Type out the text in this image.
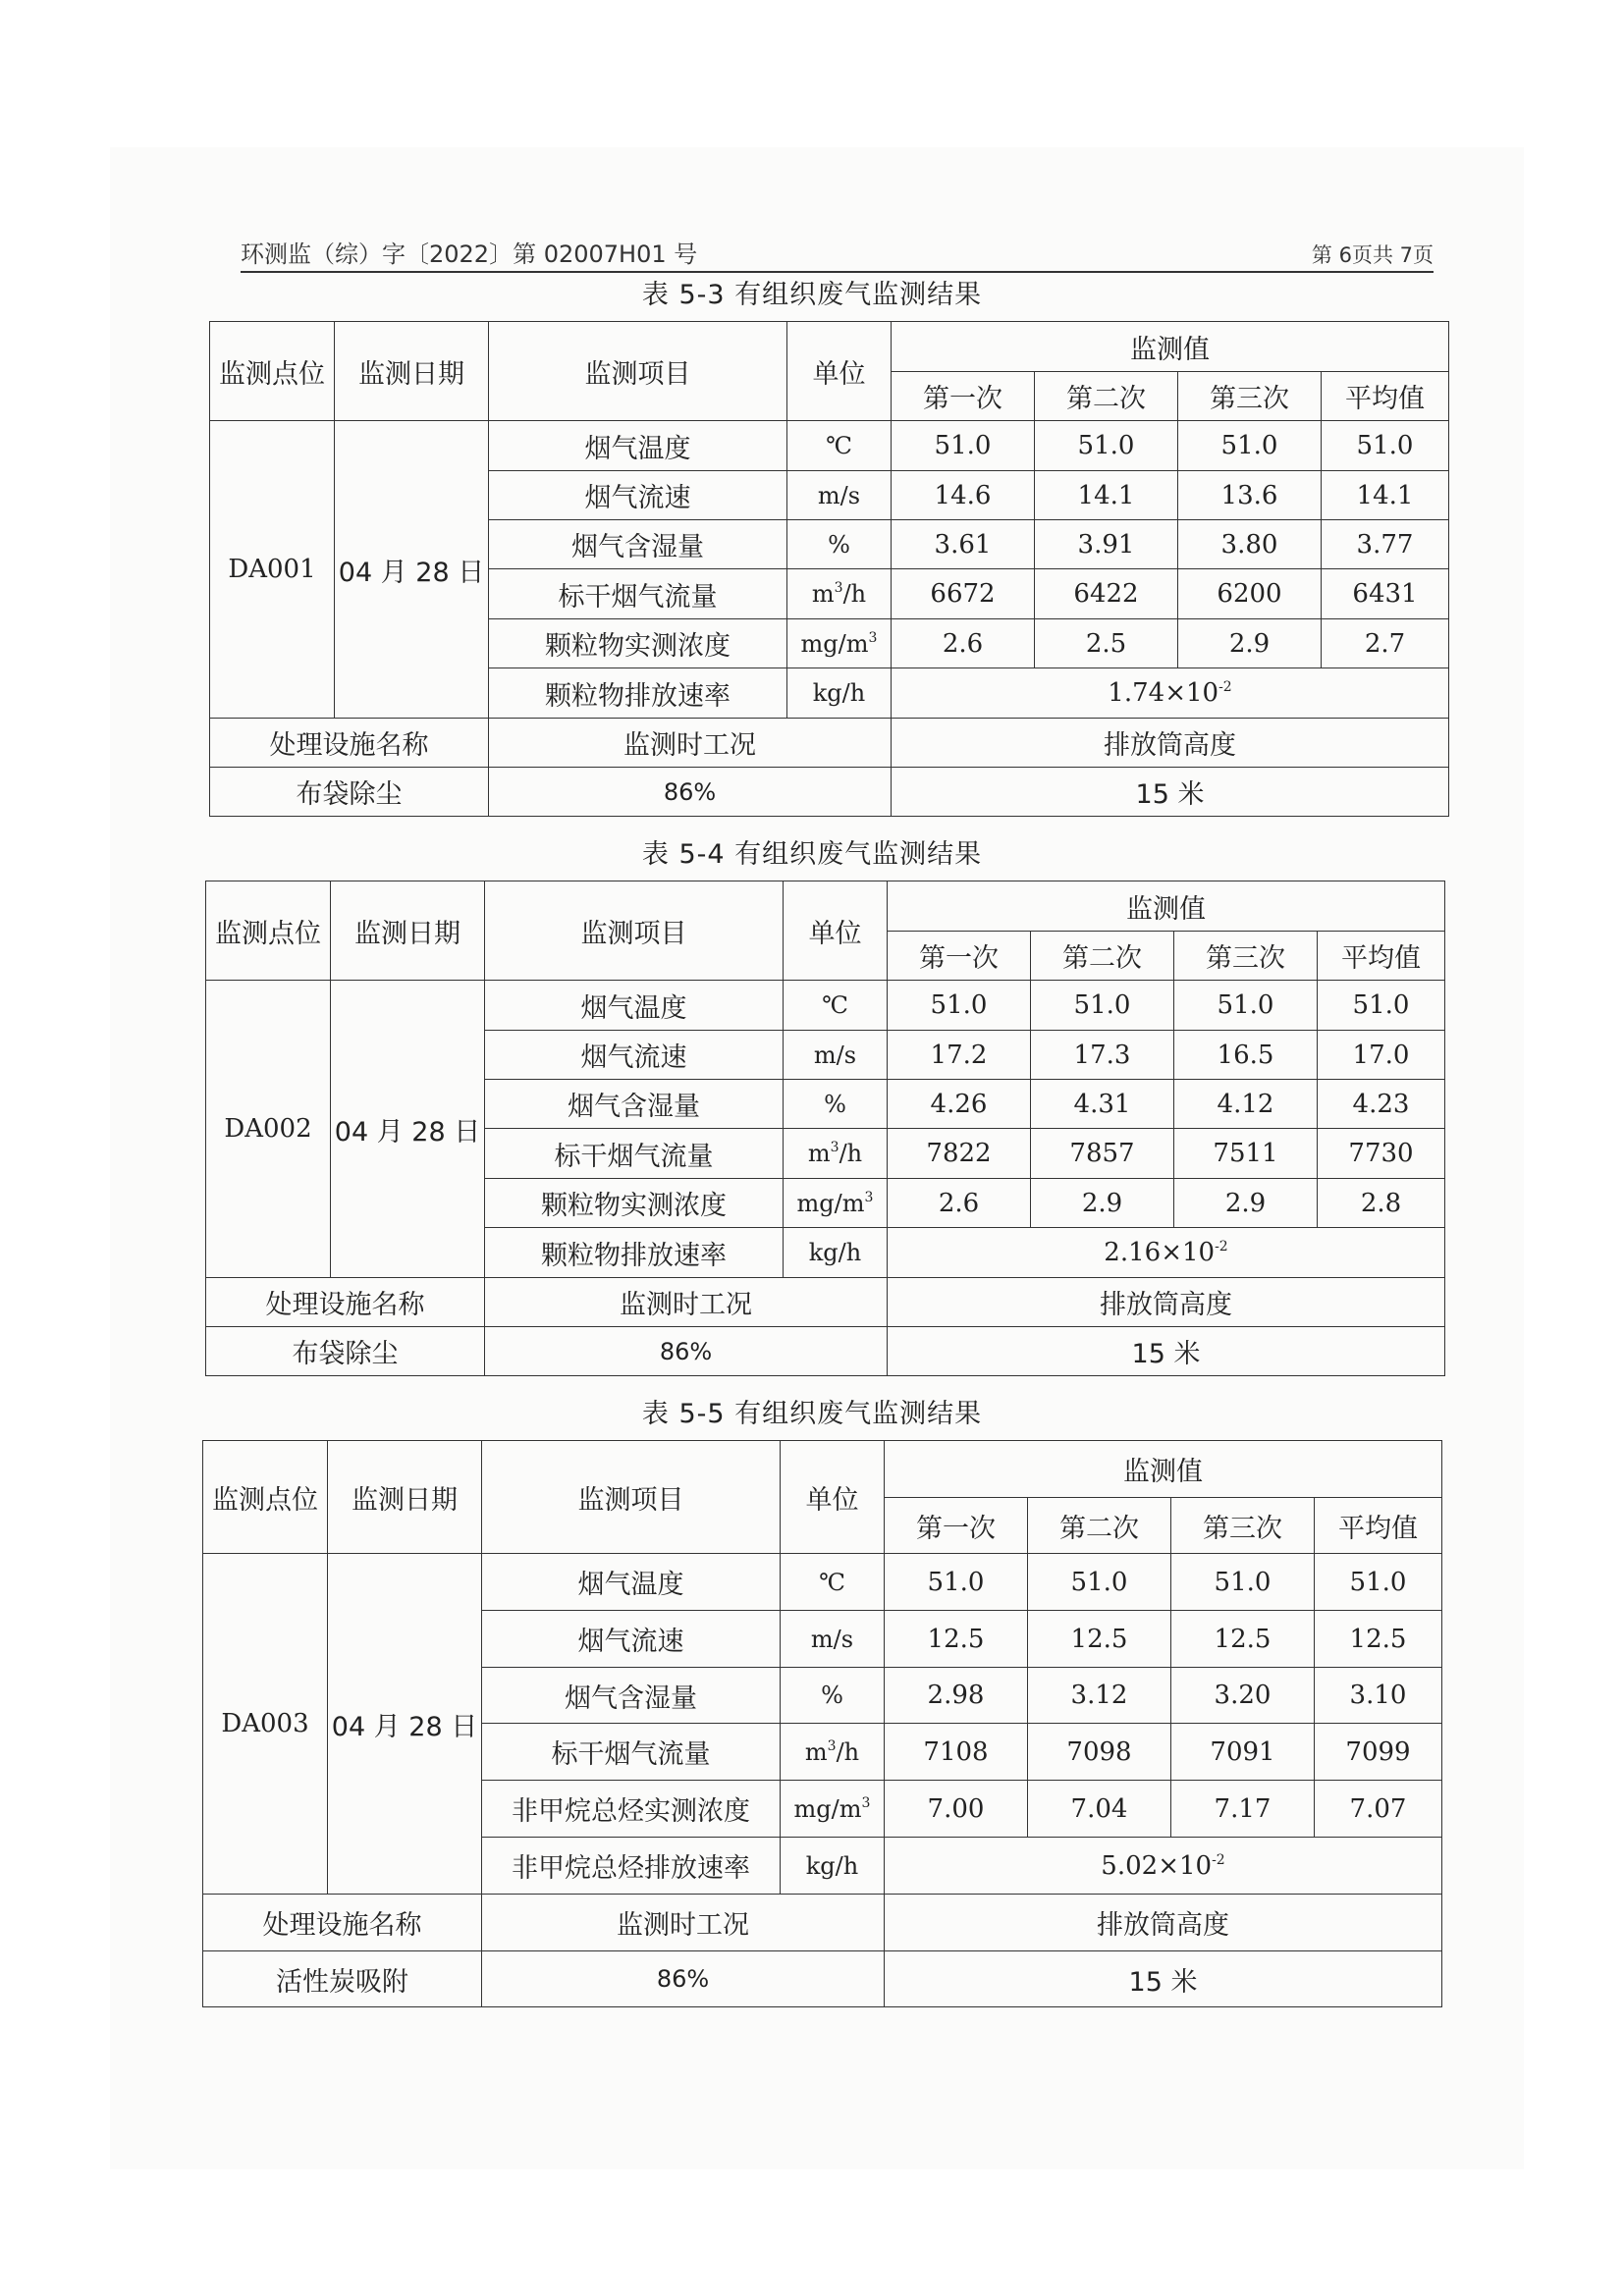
环测监（综）字〔2022〕第 02007H01 号	第 6页共 7页
表 5-3 有组织废气监测结果
监测点位	监测日期	监测项目	单位	监测值			
				第一次	第二次	第三次	平均值
DA001	04 月 28 日	烟气温度	℃	51.0	51.0	51.0	51.0
		烟气流速	m/s	14.6	14.1	13.6	14.1
		烟气含湿量	%	3.61	3.91	3.80	3.77
		标干烟气流量	$m^3/h$	6672	6422	6200	6431
		颗粒物实测浓度	$mg/m^3$	2.6	2.5	2.9	2.7
		颗粒物排放速率	kg/h	$1.74\times 10^{-2}$
处理设施名称		监测时工况		排放筒高度			
布袋除尘		86%		15 米			
表 5-4 有组织废气监测结果
监测点位	监测日期	监测项目	单位	监测值			
				第一次	第二次	第三次	平均值
DA002	04 月 28 日	烟气温度	℃	51.0	51.0	51.0	51.0
		烟气流速	m/s	17.2	17.3	16.5	17.0
		烟气含湿量	%	4.26	4.31	4.12	4.23
		标干烟气流量	$m^3/h$	7822	7857	7511	7730
		颗粒物实测浓度	$mg/m^3$	2.6	2.9	2.9	2.8
		颗粒物排放速率	kg/h	$2.16\times 10^{-2}$
处理设施名称		监测时工况		排放筒高度			
布袋除尘		86%		15 米			
表 5-5 有组织废气监测结果
监测点位	监测日期	监测项目	单位	监测值			
				第一次	第二次	第三次	平均值
DA003	04 月 28 日	烟气温度	℃	51.0	51.0	51.0	51.0
		烟气流速	m/s	12.5	12.5	12.5	12.5
		烟气含湿量	%	2.98	3.12	3.20	3.10
		标干烟气流量	$m^3/h$	7108	7098	7091	7099
		非甲烷总烃实测浓度	$mg/m^3$	7.00	7.04	7.17	7.07
		非甲烷总烃排放速率	kg/h	$5.02\times 10^{-2}$
处理设施名称		监测时工况		排放筒高度			
活性炭吸附		86%		15 米			
